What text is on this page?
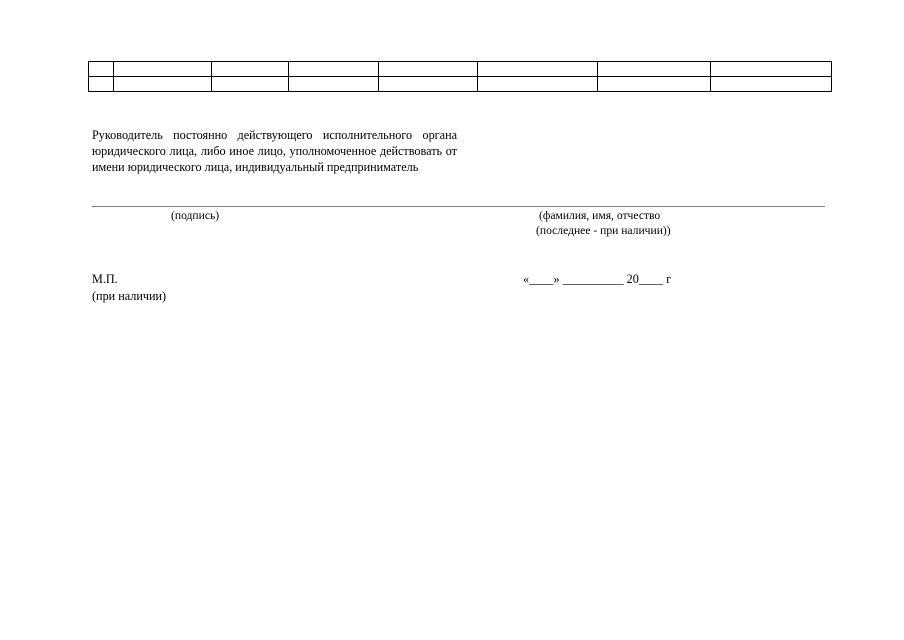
Руководитель постоянно действующего исполнительного органа юридического лица, либо иное лицо, уполномоченное действовать от имени юридического лица, индивидуальный предприниматель
(подпись)	(фамилия, имя, отчество
(последнее - при наличии))
М.П.
(при наличии)
«____» __________ 20____ г
